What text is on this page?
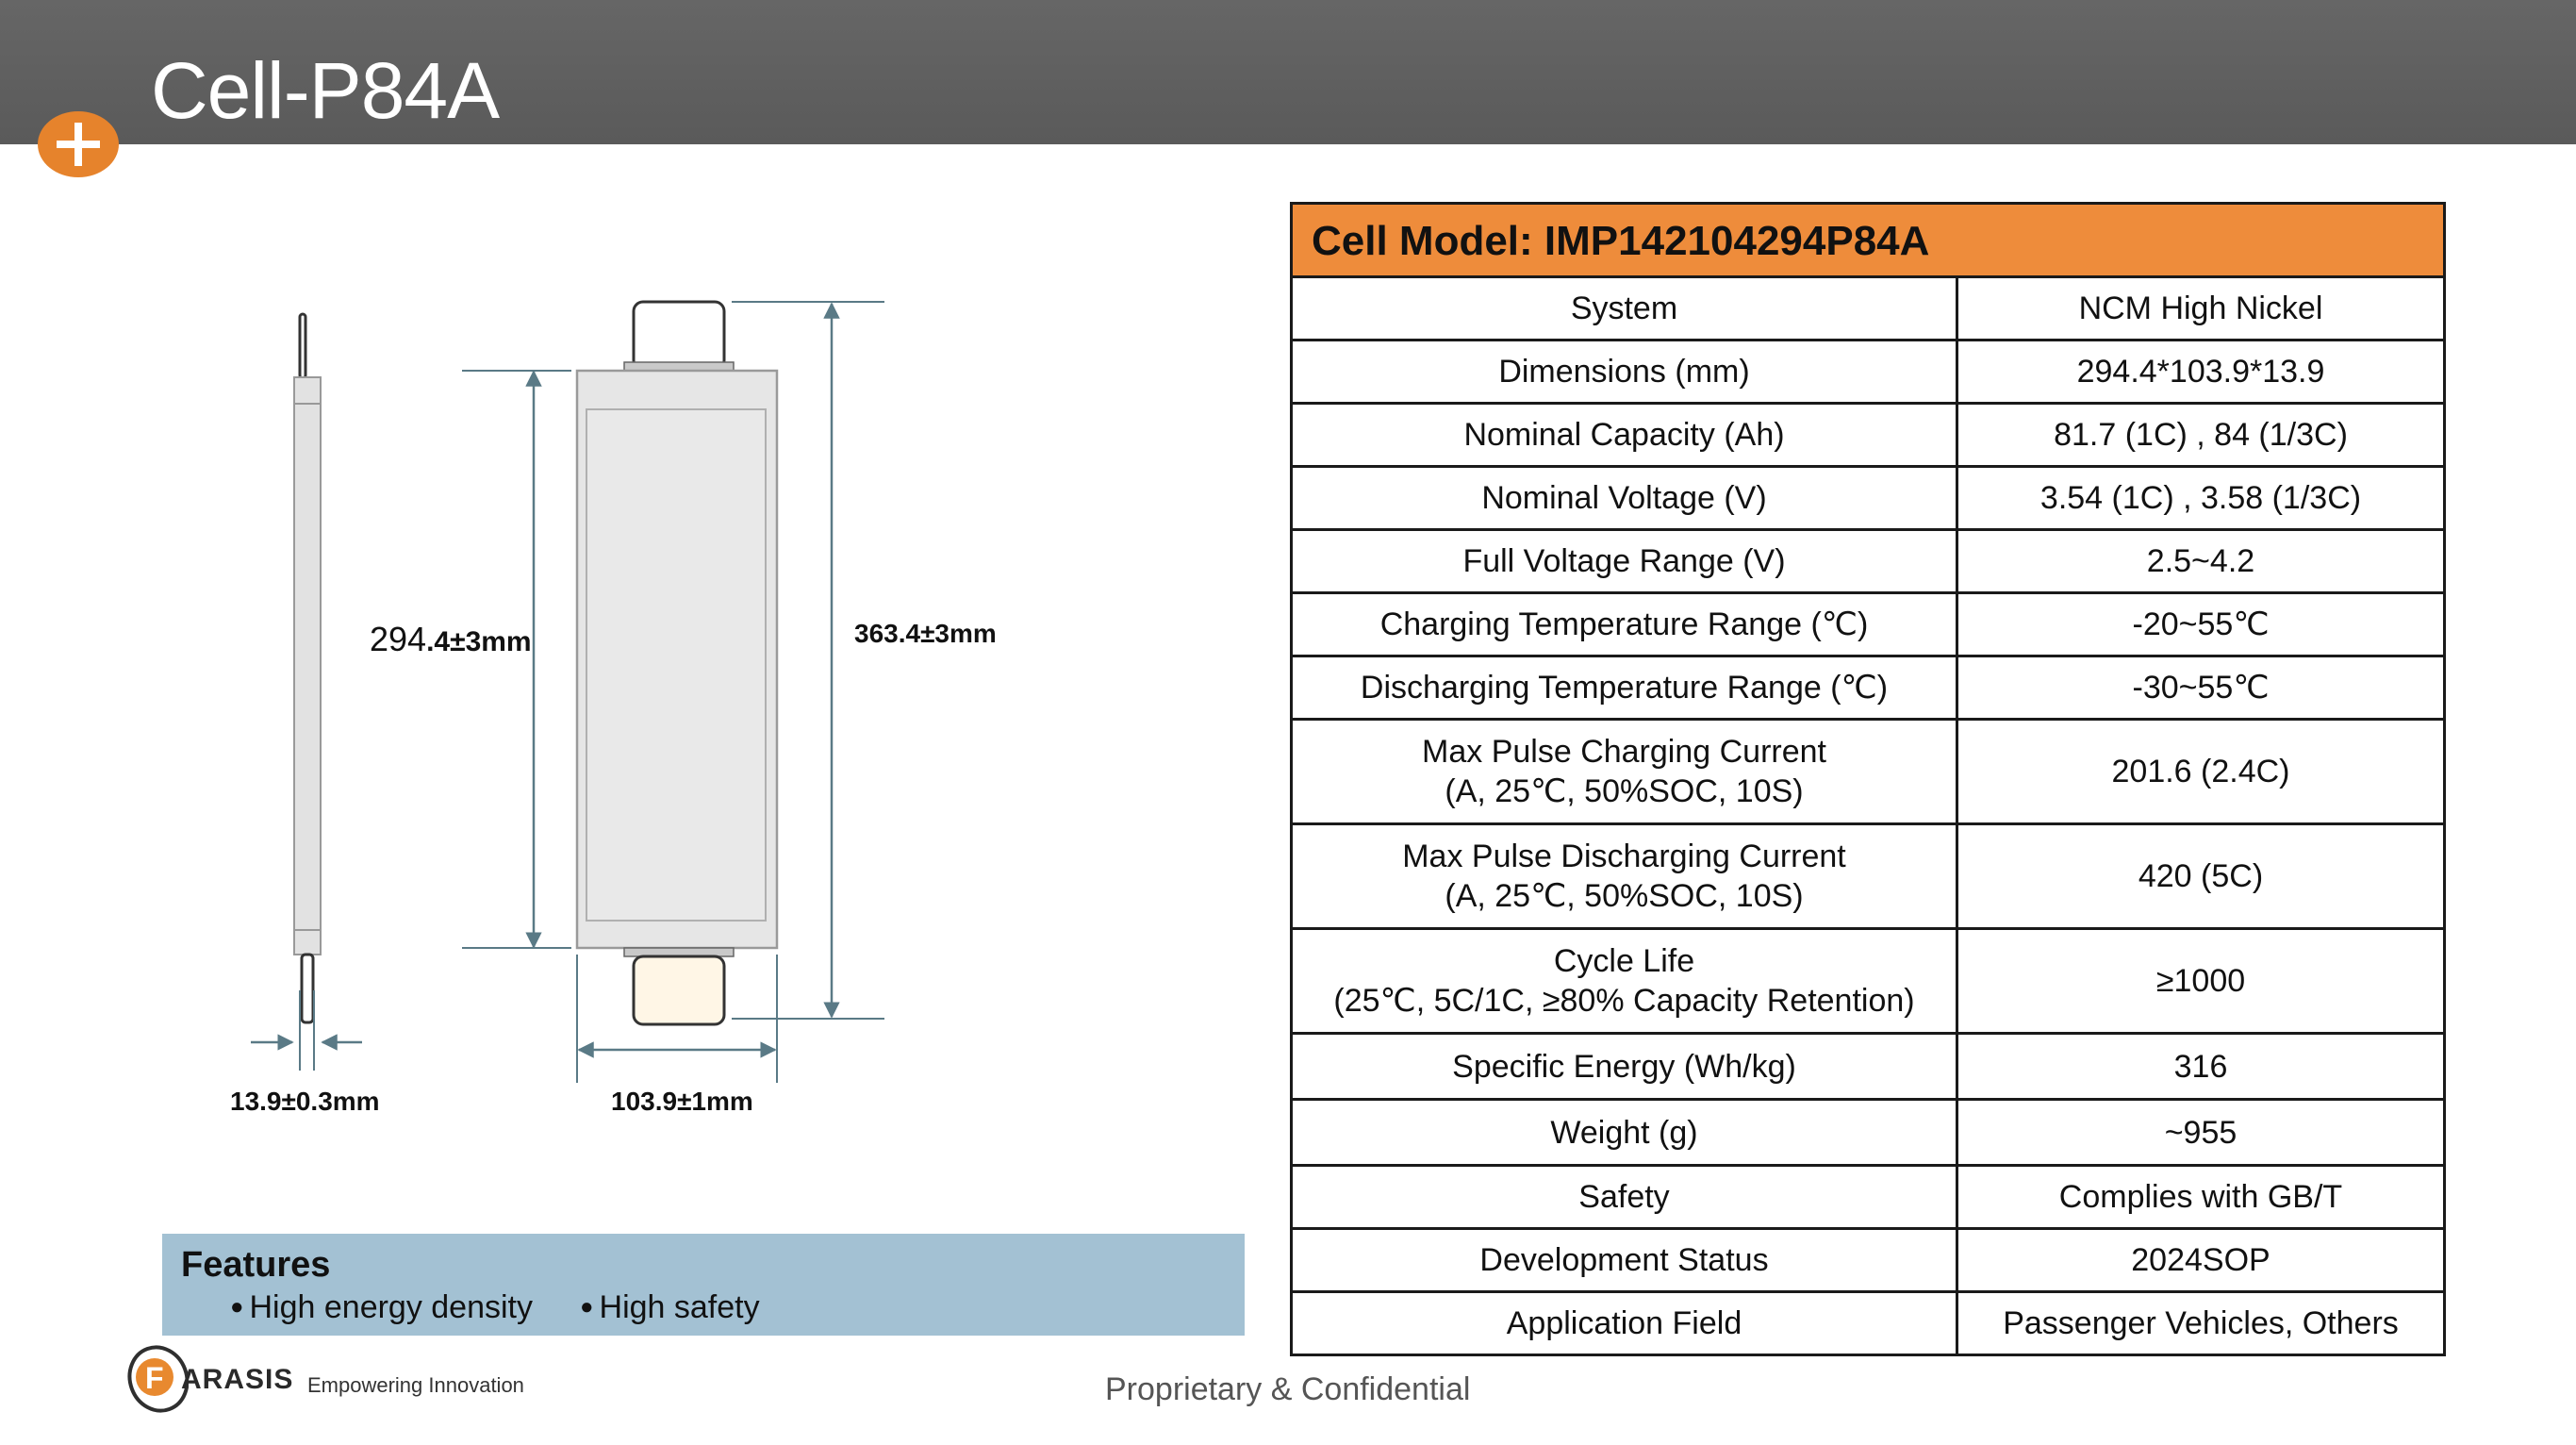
Cell-P84A
294.4±3mm	363.4±3mm
13.9±0.3mm	103.9±1mm
Cell Model: IMP142104294P84A
System	NCM High Nickel
Dimensions (mm)	294.4*103.9*13.9
Nominal Capacity (Ah)	81.7 (1C) , 84 (1/3C)
Nominal Voltage (V)	3.54 (1C) , 3.58 (1/3C)
Full Voltage Range (V)	2.5~4.2
Charging Temperature Range (℃)	-20~55℃
Discharging Temperature Range (℃)	-30~55℃
Max Pulse Charging Current
(A, 25℃, 50%SOC, 10S)
201.6 (2.4C)
Max Pulse Discharging Current
(A, 25℃, 50%SOC, 10S)
420 (5C)
Cycle Life
(25℃, 5C/1C, ≥80% Capacity Retention)
≥1000
Specific Energy (Wh/kg)	316
Weight (g)	~955
Safety	Complies with GB/T
Development Status	2024SOP
Application Field	Passenger Vehicles, Others
Features
● High energy density
●	High safety
F ARASIS Empowering Innovation	Proprietary & Confidential
